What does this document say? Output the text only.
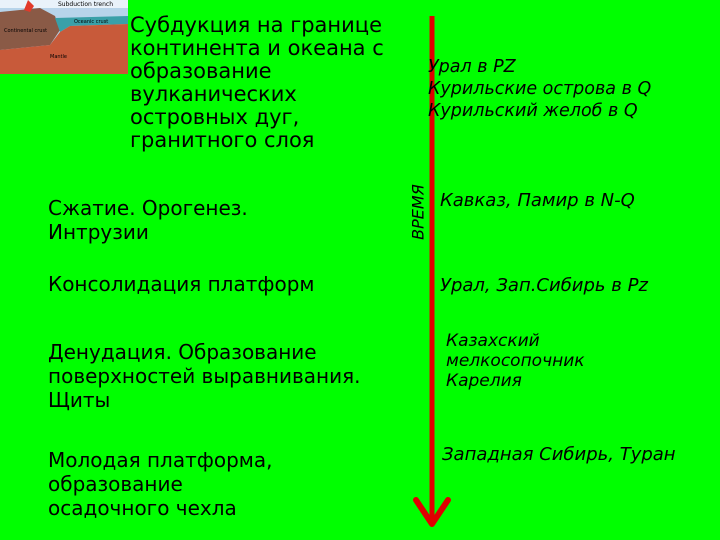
Subduction trench
Continental crust
Oceanic crust
Mantle
Субдукция на границе
континента и океана с
образование
вулканических
островных дуг,
гранитного слоя
Сжатие. Орогенез.
Интрузии
Консолидация платформ
Денудация. Образование
поверхностей выравнивания.
Щиты
Молодая платформа,
образование
осадочного чехла
ВРЕМЯ
Урал в PZ
Курильские острова в Q
Курильский желоб в Q
Кавказ, Памир в N-Q
Урал, Зап.Сибирь в Pz
Казахский
мелкосопочник
Карелия
Западная Сибирь, Туран
